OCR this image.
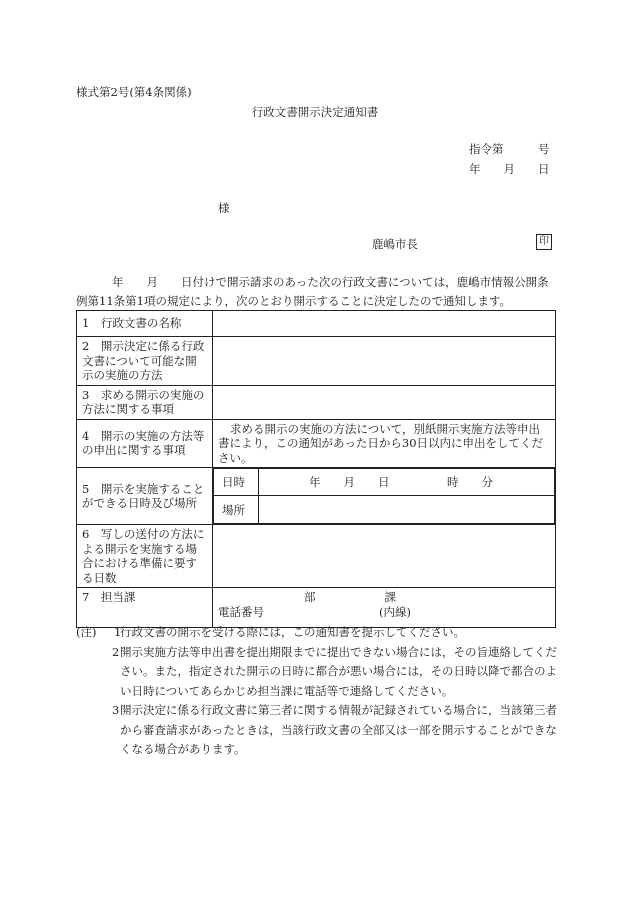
様式第2号(第4条関係)
行政文書開示決定通知書
指令第　　　号
年　　月　　日
様
鹿嶋市長	印
年　　月　　日付けで開示請求のあった次の行政文書については，鹿嶋市情報公開条例第11条第1項の規定により，次のとおり開示することに決定したので通知します。
1　行政文書の名称	
2　開示決定に係る行政文書について可能な開示の実施の方法	
3　求める開示の実施の方法に関する事項	
4　開示の実施の方法等の申出に関する事項	求める開示の実施の方法について，別紙開示実施方法等申出書により，この通知があった日から30日以内に申出をしてください。
5　開示を実施することができる日時及び場所	
日時	年　　月　　日　　　　　時　　分
場所	

6　写しの送付の方法による開示を実施する場合における準備に要する日数	
7　担当課	部　　　　　　課
電話番号　　　　　　　　　　(内線)
(注) 1
行政文書の開示を受ける際には，この通知書を提示してください。
2 開示実施方法等申出書を提出期限までに提出できない場合には，その旨連絡してください。また，指定された開示の日時に都合が悪い場合には，その日時以降で都合のよい日時についてあらかじめ担当課に電話等で連絡してください。
3 開示決定に係る行政文書に第三者に関する情報が記録されている場合に，当該第三者から審査請求があったときは，当該行政文書の全部又は一部を開示することができなくなる場合があります。
